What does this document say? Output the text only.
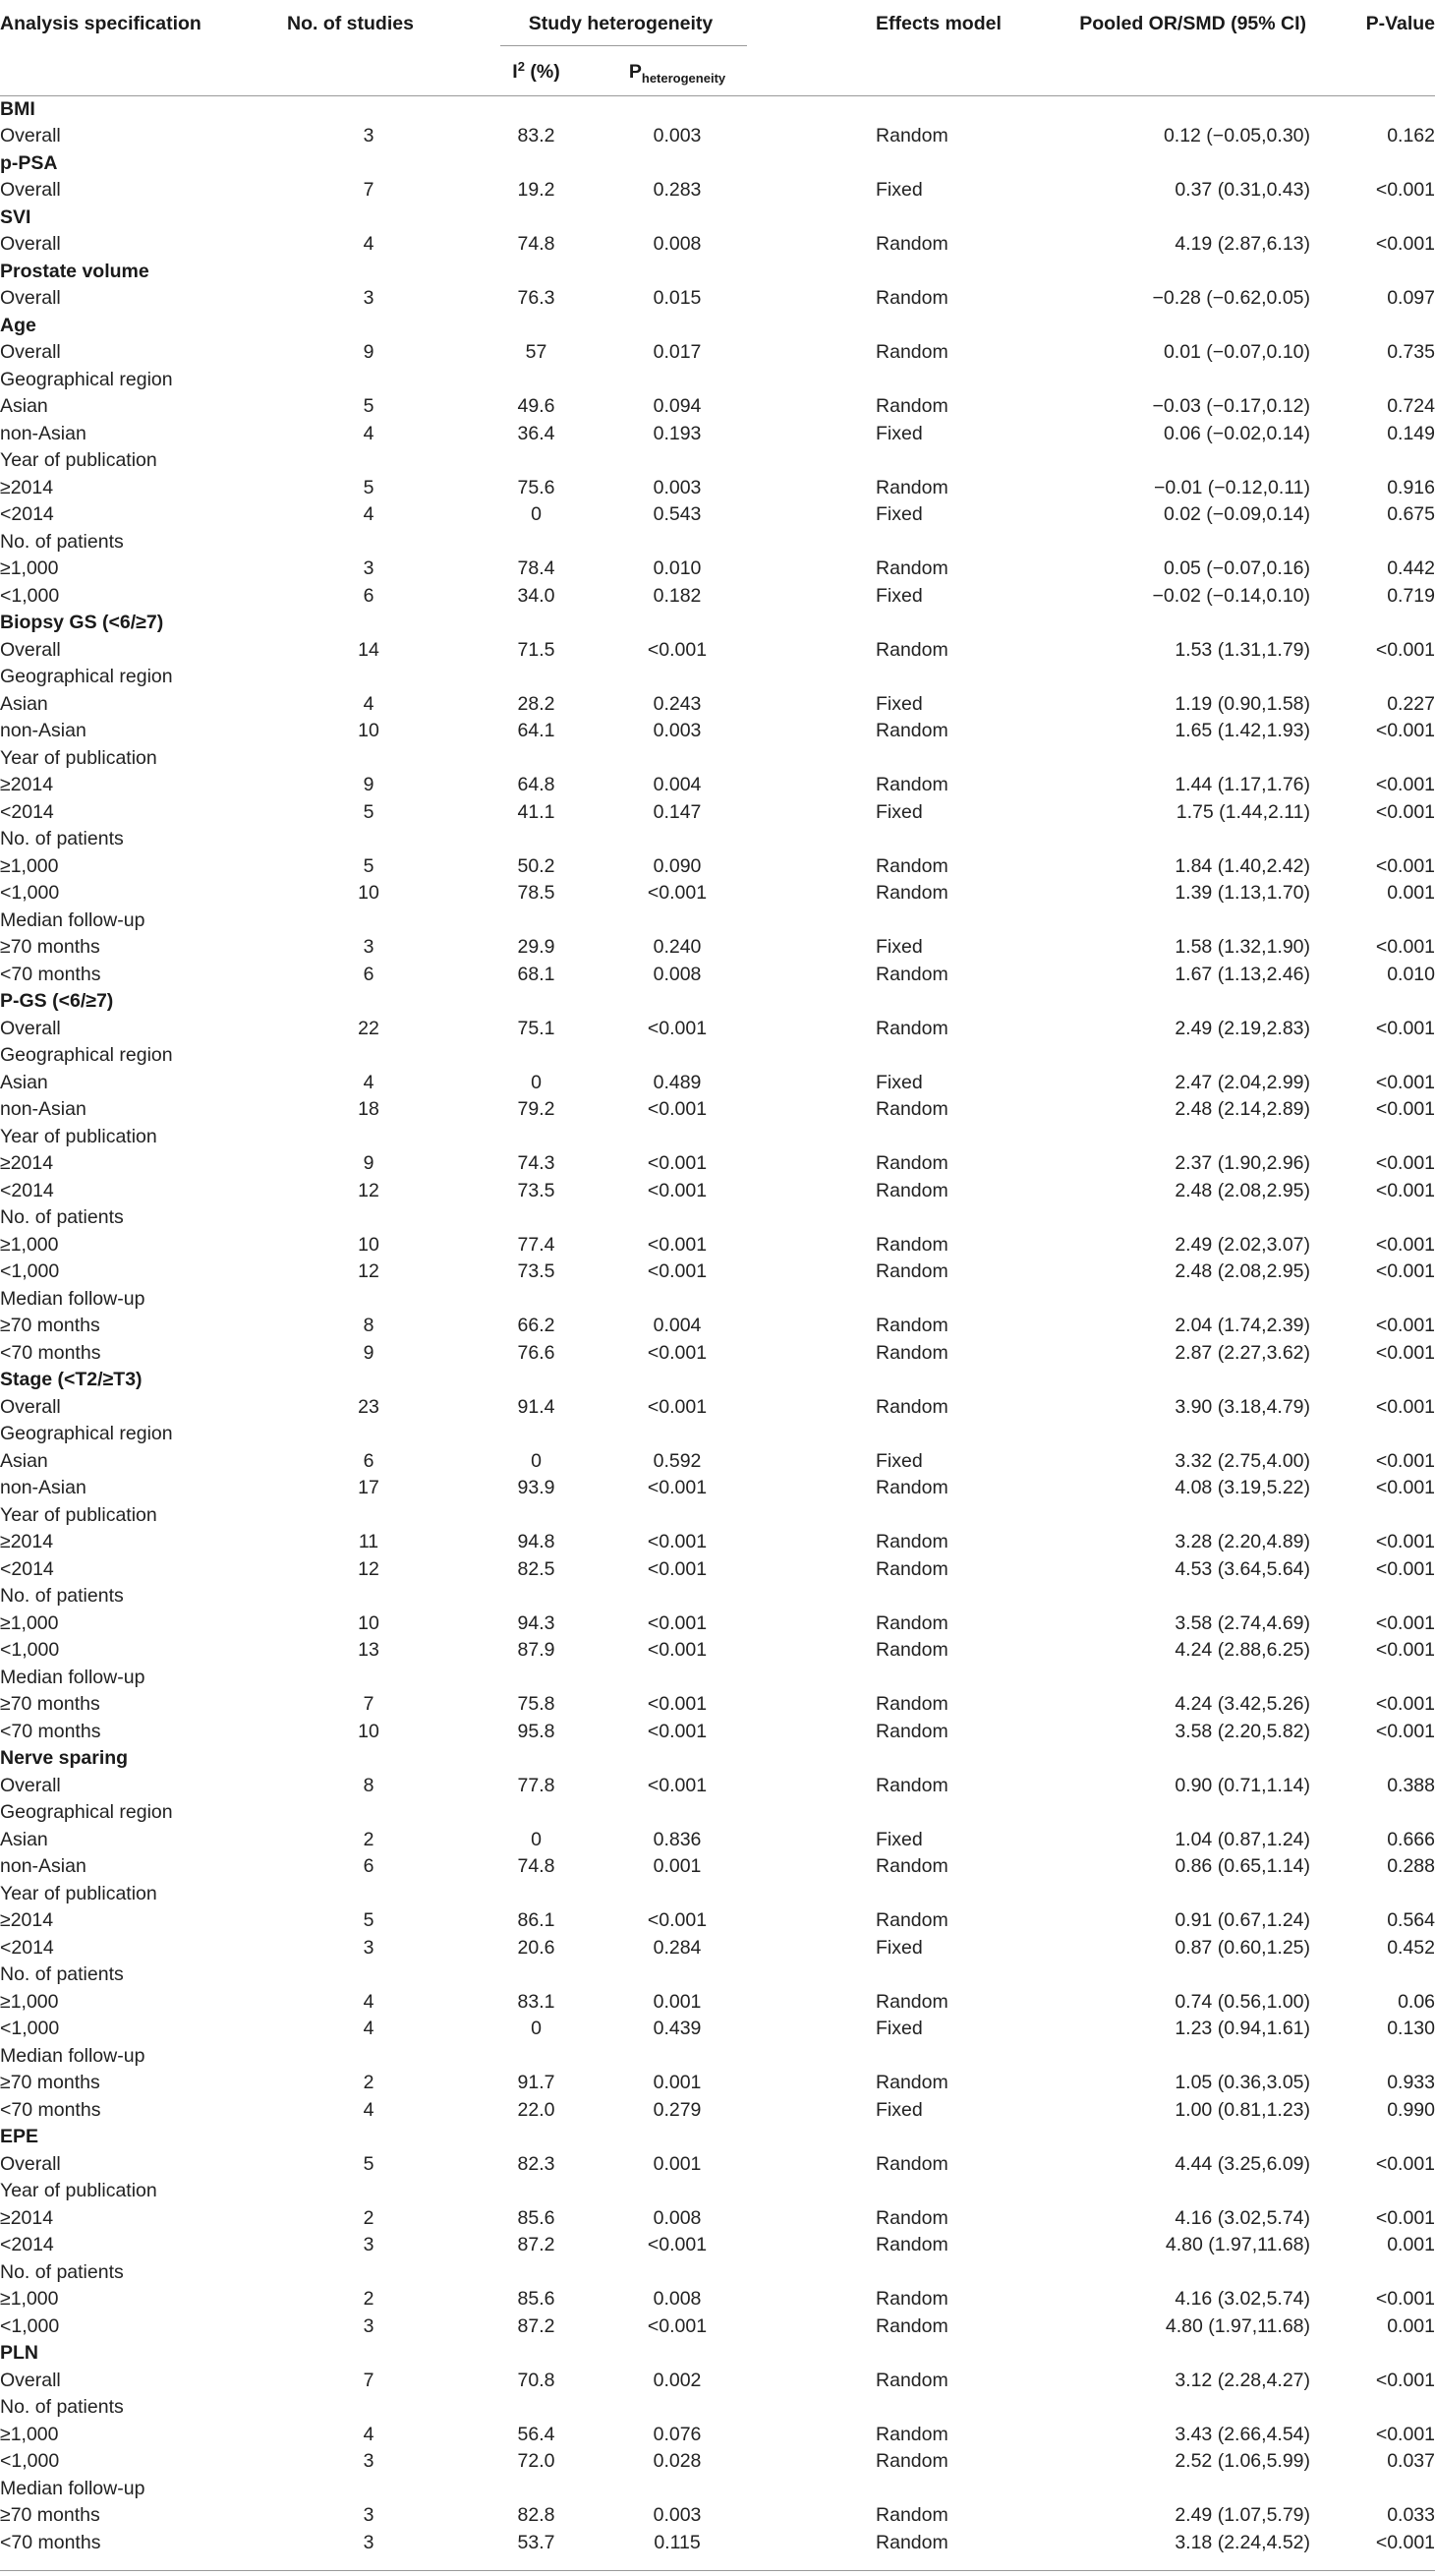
Analysis specification	No. of studies	Study heterogeneity			Effects model	Pooled OR/SMD (95% CI)	P-Value
		$I^2$ (%)	$P_{heterogeneity}$				
BMI							
Overall	3	83.2	0.003		Random	0.12 (−0.05,0.30)	0.162
p-PSA							
Overall	7	19.2	0.283		Fixed	0.37 (0.31,0.43)	<0.001
SVI							
Overall	4	74.8	0.008		Random	4.19 (2.87,6.13)	<0.001
Prostate volume							
Overall	3	76.3	0.015		Random	−0.28 (−0.62,0.05)	0.097
Age							
Overall	9	57	0.017		Random	0.01 (−0.07,0.10)	0.735
Geographical region							
Asian	5	49.6	0.094		Random	−0.03 (−0.17,0.12)	0.724
non-Asian	4	36.4	0.193		Fixed	0.06 (−0.02,0.14)	0.149
Year of publication							
≥2014	5	75.6	0.003		Random	−0.01 (−0.12,0.11)	0.916
<2014	4	0	0.543		Fixed	0.02 (−0.09,0.14)	0.675
No. of patients							
≥1,000	3	78.4	0.010		Random	0.05 (−0.07,0.16)	0.442
<1,000	6	34.0	0.182		Fixed	−0.02 (−0.14,0.10)	0.719
Biopsy GS (<6/≥7)							
Overall	14	71.5	<0.001		Random	1.53 (1.31,1.79)	<0.001
Geographical region							
Asian	4	28.2	0.243		Fixed	1.19 (0.90,1.58)	0.227
non-Asian	10	64.1	0.003		Random	1.65 (1.42,1.93)	<0.001
Year of publication							
≥2014	9	64.8	0.004		Random	1.44 (1.17,1.76)	<0.001
<2014	5	41.1	0.147		Fixed	1.75 (1.44,2.11)	<0.001
No. of patients							
≥1,000	5	50.2	0.090		Random	1.84 (1.40,2.42)	<0.001
<1,000	10	78.5	<0.001		Random	1.39 (1.13,1.70)	0.001
Median follow-up							
≥70 months	3	29.9	0.240		Fixed	1.58 (1.32,1.90)	<0.001
<70 months	6	68.1	0.008		Random	1.67 (1.13,2.46)	0.010
P-GS (<6/≥7)							
Overall	22	75.1	<0.001		Random	2.49 (2.19,2.83)	<0.001
Geographical region							
Asian	4	0	0.489		Fixed	2.47 (2.04,2.99)	<0.001
non-Asian	18	79.2	<0.001		Random	2.48 (2.14,2.89)	<0.001
Year of publication							
≥2014	9	74.3	<0.001		Random	2.37 (1.90,2.96)	<0.001
<2014	12	73.5	<0.001		Random	2.48 (2.08,2.95)	<0.001
No. of patients							
≥1,000	10	77.4	<0.001		Random	2.49 (2.02,3.07)	<0.001
<1,000	12	73.5	<0.001		Random	2.48 (2.08,2.95)	<0.001
Median follow-up							
≥70 months	8	66.2	0.004		Random	2.04 (1.74,2.39)	<0.001
<70 months	9	76.6	<0.001		Random	2.87 (2.27,3.62)	<0.001
Stage (<T2/≥T3)							
Overall	23	91.4	<0.001		Random	3.90 (3.18,4.79)	<0.001
Geographical region							
Asian	6	0	0.592		Fixed	3.32 (2.75,4.00)	<0.001
non-Asian	17	93.9	<0.001		Random	4.08 (3.19,5.22)	<0.001
Year of publication							
≥2014	11	94.8	<0.001		Random	3.28 (2.20,4.89)	<0.001
<2014	12	82.5	<0.001		Random	4.53 (3.64,5.64)	<0.001
No. of patients							
≥1,000	10	94.3	<0.001		Random	3.58 (2.74,4.69)	<0.001
<1,000	13	87.9	<0.001		Random	4.24 (2.88,6.25)	<0.001
Median follow-up							
≥70 months	7	75.8	<0.001		Random	4.24 (3.42,5.26)	<0.001
<70 months	10	95.8	<0.001		Random	3.58 (2.20,5.82)	<0.001
Nerve sparing							
Overall	8	77.8	<0.001		Random	0.90 (0.71,1.14)	0.388
Geographical region							
Asian	2	0	0.836		Fixed	1.04 (0.87,1.24)	0.666
non-Asian	6	74.8	0.001		Random	0.86 (0.65,1.14)	0.288
Year of publication							
≥2014	5	86.1	<0.001		Random	0.91 (0.67,1.24)	0.564
<2014	3	20.6	0.284		Fixed	0.87 (0.60,1.25)	0.452
No. of patients							
≥1,000	4	83.1	0.001		Random	0.74 (0.56,1.00)	0.06
<1,000	4	0	0.439		Fixed	1.23 (0.94,1.61)	0.130
Median follow-up							
≥70 months	2	91.7	0.001		Random	1.05 (0.36,3.05)	0.933
<70 months	4	22.0	0.279		Fixed	1.00 (0.81,1.23)	0.990
EPE							
Overall	5	82.3	0.001		Random	4.44 (3.25,6.09)	<0.001
Year of publication							
≥2014	2	85.6	0.008		Random	4.16 (3.02,5.74)	<0.001
<2014	3	87.2	<0.001		Random	4.80 (1.97,11.68)	0.001
No. of patients							
≥1,000	2	85.6	0.008		Random	4.16 (3.02,5.74)	<0.001
<1,000	3	87.2	<0.001		Random	4.80 (1.97,11.68)	0.001
PLN							
Overall	7	70.8	0.002		Random	3.12 (2.28,4.27)	<0.001
No. of patients							
≥1,000	4	56.4	0.076		Random	3.43 (2.66,4.54)	<0.001
<1,000	3	72.0	0.028		Random	2.52 (1.06,5.99)	0.037
Median follow-up							
≥70 months	3	82.8	0.003		Random	2.49 (1.07,5.79)	0.033
<70 months	3	53.7	0.115		Random	3.18 (2.24,4.52)	<0.001
